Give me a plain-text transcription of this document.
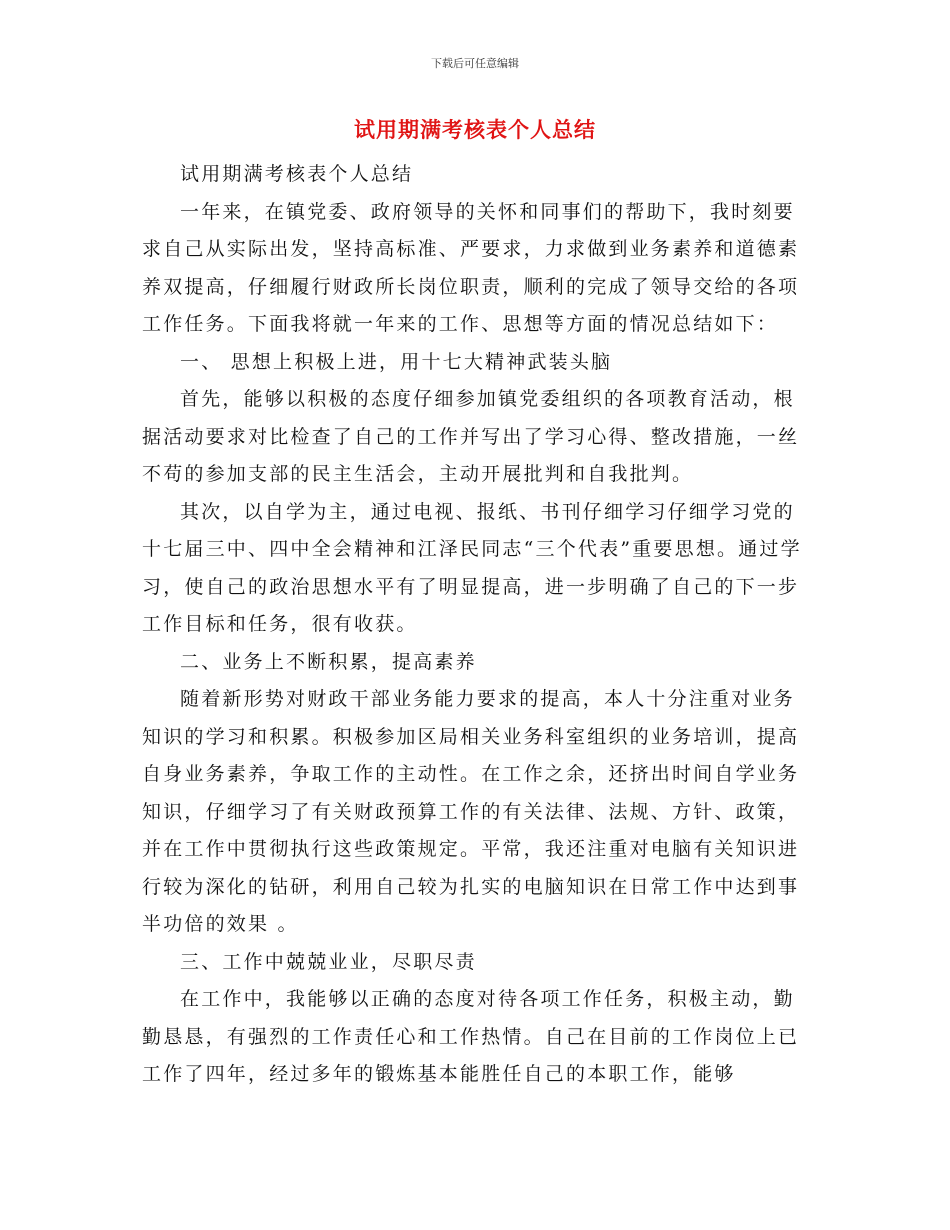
下载后可任意编辑
试用期满考核表个人总结

试用期满考核表个人总结

一年来，在镇党委、政府领导的关怀和同事们的帮助下，我时刻要求自己从实际出发，坚持高标准、严要求，力求做到业务素养和道德素养双提高，仔细履行财政所长岗位职责，顺利的完成了领导交给的各项工作任务。下面我将就一年来的工作、思想等方面的情况总结如下：

一、 思想上积极上进，用十七大精神武装头脑

首先，能够以积极的态度仔细参加镇党委组织的各项教育活动，根据活动要求对比检查了自己的工作并写出了学习心得、整改措施，一丝不苟的参加支部的民主生活会，主动开展批判和自我批判。

其次，以自学为主，通过电视、报纸、书刊仔细学习仔细学习党的十七届三中、四中全会精神和江泽民同志“三个代表”重要思想。通过学习，使自己的政治思想水平有了明显提高，进一步明确了自己的下一步工作目标和任务，很有收获。

二、业务上不断积累，提高素养

随着新形势对财政干部业务能力要求的提高，本人十分注重对业务知识的学习和积累。积极参加区局相关业务科室组织的业务培训，提高自身业务素养，争取工作的主动性。在工作之余，还挤出时间自学业务知识，仔细学习了有关财政预算工作的有关法律、法规、方针、政策，并在工作中贯彻执行这些政策规定。平常，我还注重对电脑有关知识进行较为深化的钻研，利用自己较为扎实的电脑知识在日常工作中达到事半功倍的效果 。

三、工作中兢兢业业，尽职尽责

在工作中，我能够以正确的态度对待各项工作任务，积极主动，勤勤恳恳，有强烈的工作责任心和工作热情。自己在目前的工作岗位上已工作了四年，经过多年的锻炼基本能胜任自己的本职工作，能够
